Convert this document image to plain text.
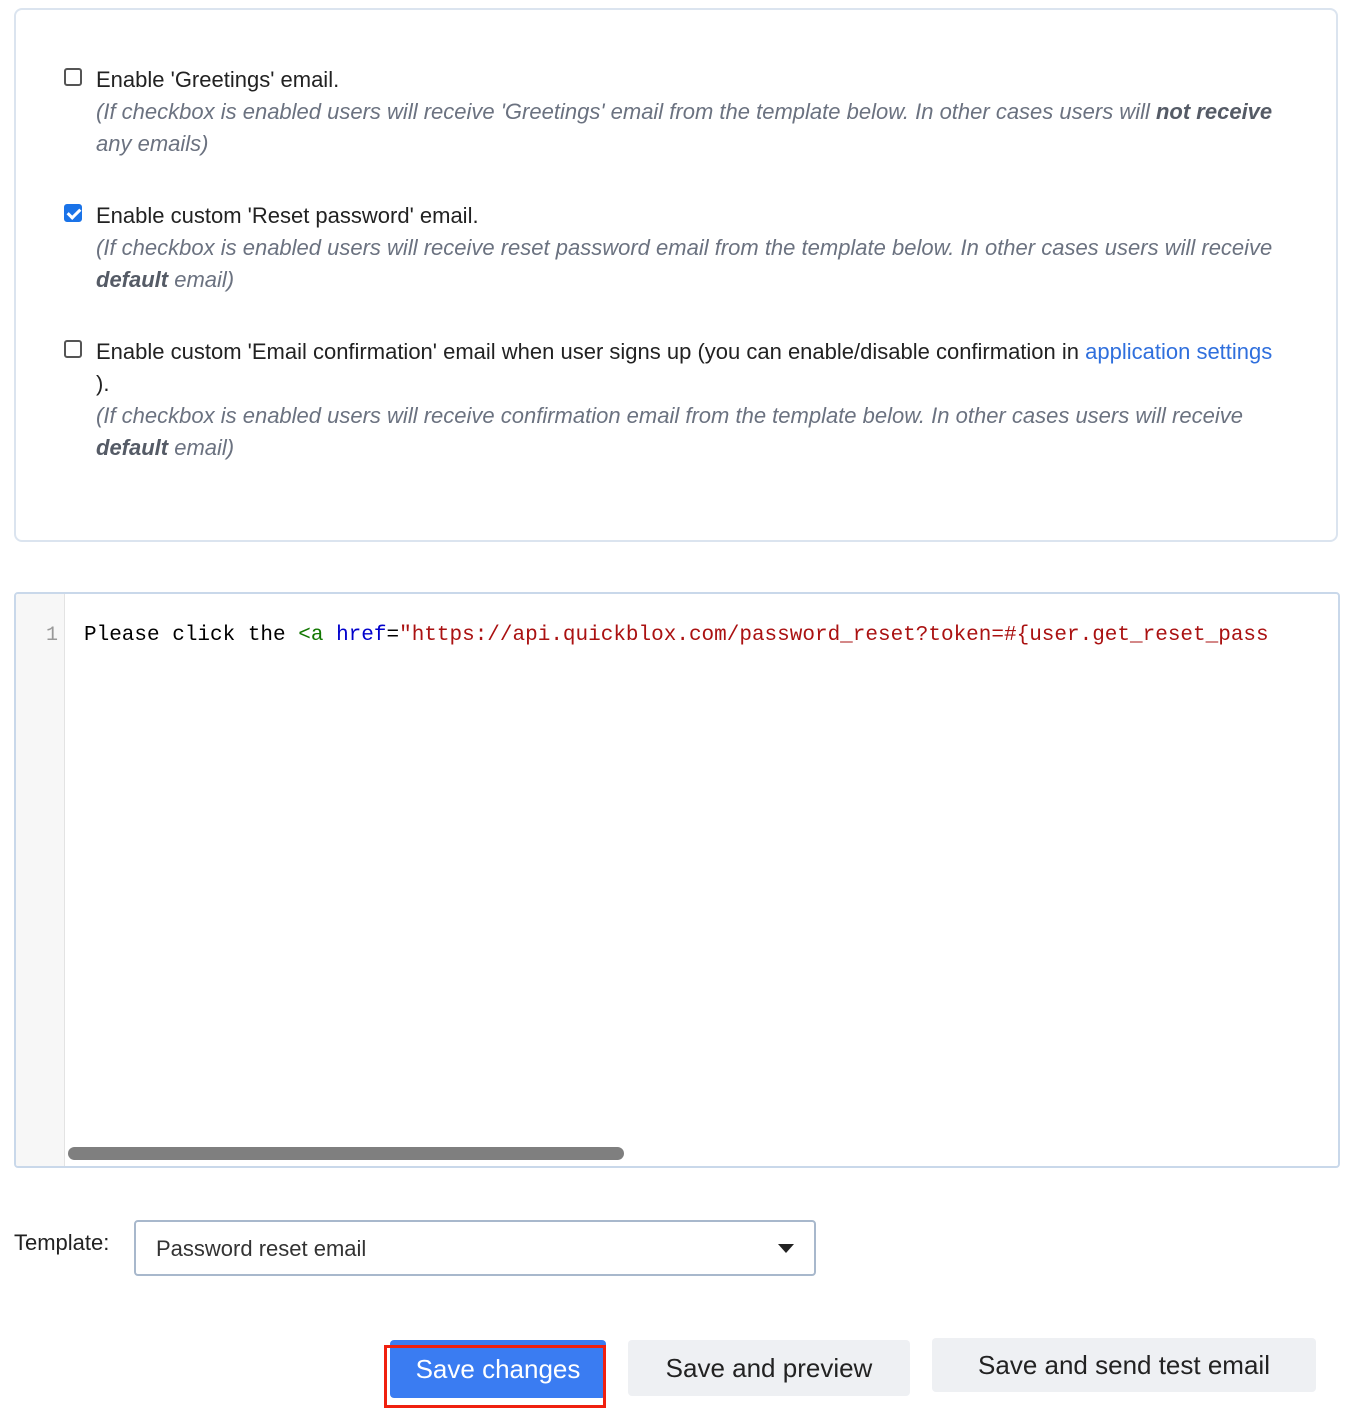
Enable 'Greetings' email.
(If checkbox is enabled users will receive 'Greetings' email from the template below. In other cases users will not receive any emails)
Enable custom 'Reset password' email.
(If checkbox is enabled users will receive reset password email from the template below. In other cases users will receive default email)
Enable custom 'Email confirmation' email when user signs up (you can enable/disable confirmation in application settings ).
(If checkbox is enabled users will receive confirmation email from the template below. In other cases users will receive default email)
1 Please click the <a href="https://api.quickblox.com/password_reset?token=#{user.get_reset_pass
Template: Password reset email
Save changes	Save and preview	Save and send test email
